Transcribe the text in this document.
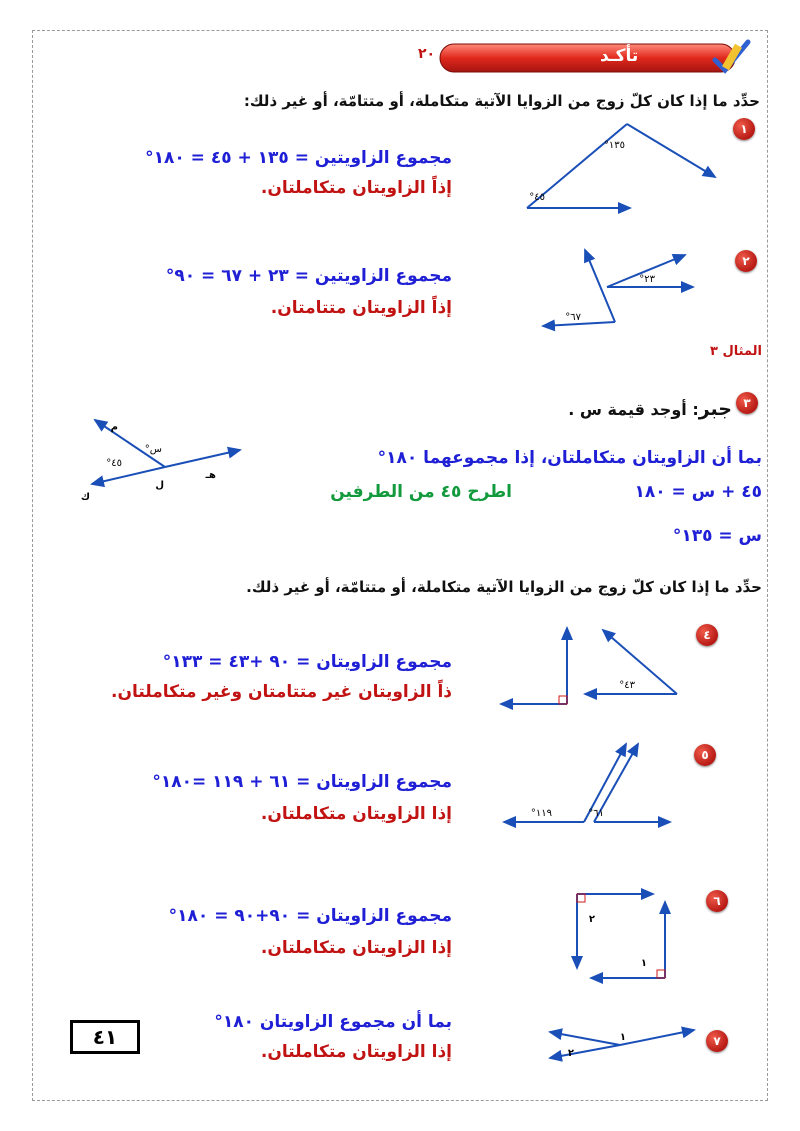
تأكـد
٢٠
حدِّد ما إذا كان كلّ زوج من الزوايا الآتية متكاملة، أو متتامّة، أو غير ذلك:
١
١٣٥°
٤٥°
مجموع الزاويتين = ١٣٥ + ٤٥ = ١٨٠°
إذاً الزاويتان متكاملتان.
٢
٢٣°
٦٧°
مجموع الزاويتين = ٢٣ + ٦٧ = ٩٠°
إذاً الزاويتان متتامتان.
المثال ٣
٣
جبر: أوجد قيمة س .
م
س°
٤٥°
هـ
ل
ك
بما أن الزاويتان متكاملتان، إذا مجموعهما ١٨٠°
٤٥ + س = ١٨٠
اطرح ٤٥ من الطرفين
س = ١٣٥°
حدِّد ما إذا كان كلّ زوج من الزوايا الآتية متكاملة، أو متتامّة، أو غير ذلك.
٤
٤٣°
مجموع الزاويتان = ٩٠ +٤٣ = ١٣٣°
ذاً الزاويتان غير متتامتان وغير متكاملتان.
٥
١١٩°	٦١°
مجموع الزاويتان = ٦١ + ١١٩ =١٨٠°
إذا الزاويتان متكاملتان.
٦
٢
١
مجموع الزاويتان = ٩٠+٩٠ = ١٨٠°
إذا الزاويتان متكاملتان.
٧
١
٢
بما أن مجموع الزاويتان ١٨٠°
إذا الزاويتان متكاملتان.
٤١
